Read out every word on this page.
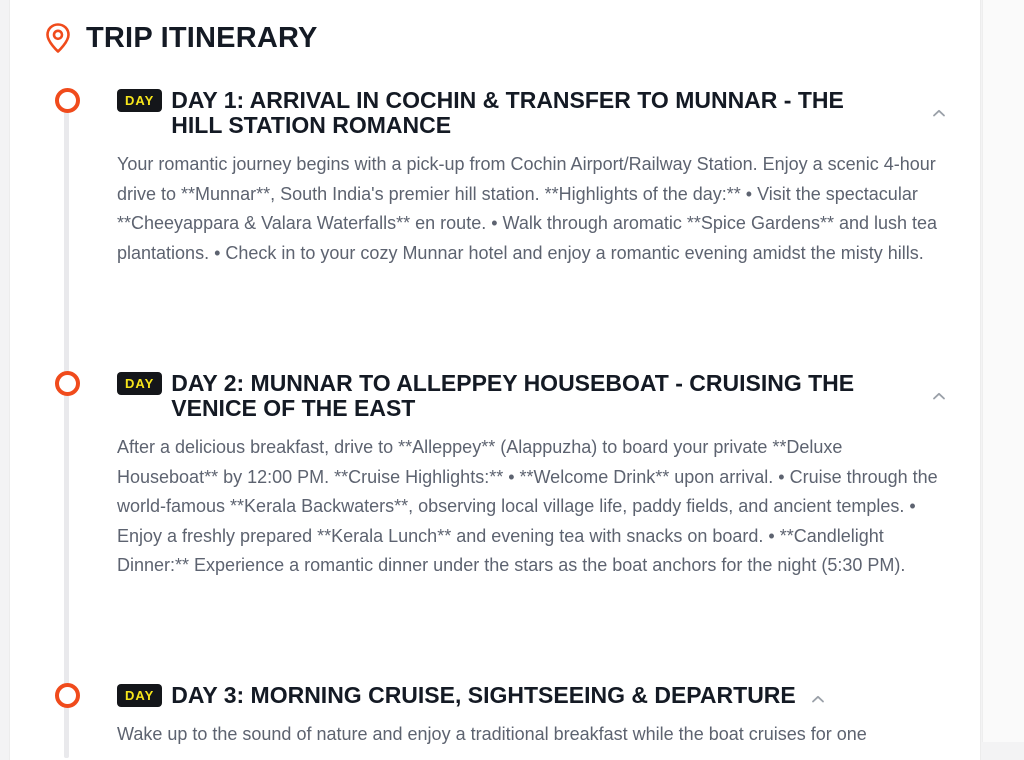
TRIP ITINERARY
DAY DAY 1: ARRIVAL IN COCHIN & TRANSFER TO MUNNAR - THE HILL STATION ROMANCE

Your romantic journey begins with a pick-up from Cochin Airport/Railway Station. Enjoy a scenic 4-hour drive to **Munnar**, South India's premier hill station. **Highlights of the day:** • Visit the spectacular **Cheeyappara & Valara Waterfalls** en route. • Walk through aromatic **Spice Gardens** and lush tea plantations. • Check in to your cozy Munnar hotel and enjoy a romantic evening amidst the misty hills.

DAY DAY 2: MUNNAR TO ALLEPPEY HOUSEBOAT - CRUISING THE VENICE OF THE EAST

After a delicious breakfast, drive to **Alleppey** (Alappuzha) to board your private **Deluxe Houseboat** by 12:00 PM. **Cruise Highlights:** • **Welcome Drink** upon arrival. • Cruise through the world-famous **Kerala Backwaters**, observing local village life, paddy fields, and ancient temples. • Enjoy a freshly prepared **Kerala Lunch** and evening tea with snacks on board. • **Candlelight Dinner:** Experience a romantic dinner under the stars as the boat anchors for the night (5:30 PM).

DAY DAY 3: MORNING CRUISE, SIGHTSEEING & DEPARTURE

Wake up to the sound of nature and enjoy a traditional breakfast while the boat cruises for one
